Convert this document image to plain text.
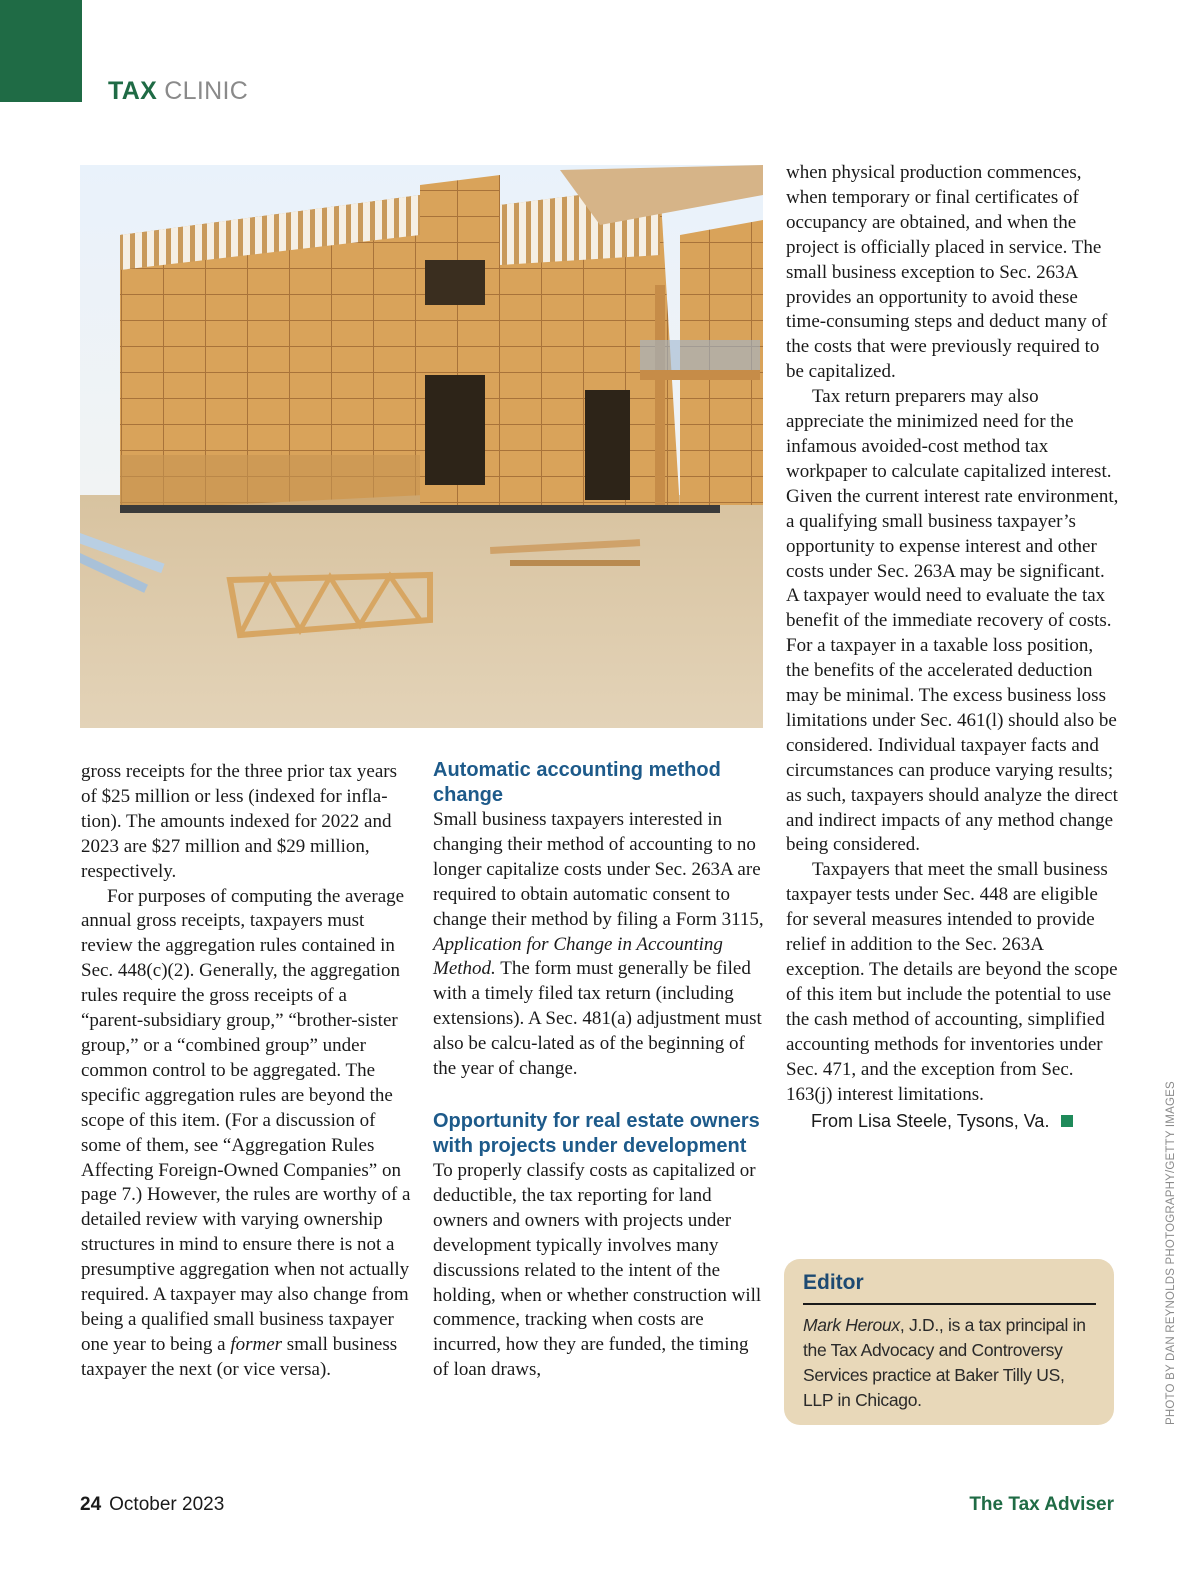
TAX CLINIC

gross receipts for the three prior tax years of $25 million or less (indexed for infla-tion). The amounts indexed for 2022 and 2023 are $27 million and $29 million, respectively.

For purposes of computing the average annual gross receipts, taxpayers must review the aggregation rules contained in Sec. 448(c)(2). Generally, the aggregation rules require the gross receipts of a “parent-subsidiary group,” “brother-sister group,” or a “combined group” under common control to be aggregated. The specific aggregation rules are beyond the scope of this item. (For a discussion of some of them, see “Aggregation Rules Affecting Foreign-Owned Companies” on page 7.) However, the rules are worthy of a detailed review with varying ownership structures in mind to ensure there is not a presumptive aggregation when not actually required. A taxpayer may also change from being a qualified small business taxpayer one year to being a former small business taxpayer the next (or vice versa).

Automatic accounting method change

Small business taxpayers interested in changing their method of accounting to no longer capitalize costs under Sec. 263A are required to obtain automatic consent to change their method by filing a Form 3115, Application for Change in Accounting Method. The form must generally be filed with a timely filed tax return (including extensions). A Sec. 481(a) adjustment must also be calcu-lated as of the beginning of the year of change.

Opportunity for real estate owners with projects under development

To properly classify costs as capitalized or deductible, the tax reporting for land owners and owners with projects under development typically involves many discussions related to the intent of the holding, when or whether construction will commence, tracking when costs are incurred, how they are funded, the timing of loan draws,

when physical production commences, when temporary or final certificates of occupancy are obtained, and when the project is officially placed in service. The small business exception to Sec. 263A provides an opportunity to avoid these time-consuming steps and deduct many of the costs that were previously required to be capitalized.

Tax return preparers may also appreciate the minimized need for the infamous avoided-cost method tax workpaper to calculate capitalized interest. Given the current interest rate environment, a qualifying small business taxpayer’s opportunity to expense interest and other costs under Sec. 263A may be significant. A taxpayer would need to evaluate the tax benefit of the immediate recovery of costs. For a taxpayer in a taxable loss position, the benefits of the accelerated deduction may be minimal. The excess business loss limitations under Sec. 461(l) should also be considered. Individual taxpayer facts and circumstances can produce varying results; as such, taxpayers should analyze the direct and indirect impacts of any method change being considered.

Taxpayers that meet the small business taxpayer tests under Sec. 448 are eligible for several measures intended to provide relief in addition to the Sec. 263A exception. The details are beyond the scope of this item but include the potential to use the cash method of accounting, simplified accounting methods for inventories under Sec. 471, and the exception from Sec. 163(j) interest limitations.

From Lisa Steele, Tysons, Va.
Editor
Mark Heroux, J.D., is a tax principal in the Tax Advocacy and Controversy Services practice at Baker Tilly US, LLP in Chicago.	PHOTO BY DAN REYNOLDS PHOTOGRAPHY/GETTY IMAGES
24 October 2023	The Tax Adviser
